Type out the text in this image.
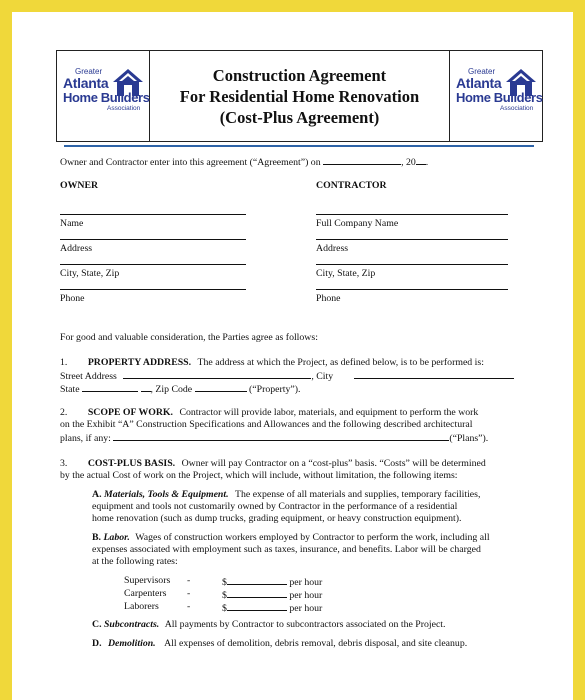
Greater
Atlanta
Home Builders
Association
Construction Agreement
For Residential Home Renovation
(Cost-Plus Agreement)
Greater
Atlanta
Home Builders
Association
Owner and Contractor enter into this agreement (“Agreement”) on	, 20 .
OWNER	CONTRACTOR
Name
Address
City, State, Zip
Phone
Full Company Name
Address
City, State, Zip
Phone
For good and valuable consideration, the Parties agree as follows:
1. PROPERTY ADDRESS. The address at which the Project, as defined below, is to be performed is:
Street Address	, City
State	, Zip Code	(“Property”).
2. SCOPE OF WORK. Contractor will provide labor, materials, and equipment to perform the work
on the Exhibit “A” Construction Specifications and Allowances and the following described architectural
plans, if any:	(“Plans”).
3. COST-PLUS BASIS. Owner will pay Contractor on a “cost-plus” basis. “Costs” will be determined
by the actual Cost of work on the Project, which will include, without limitation, the following items:
A. Materials, Tools & Equipment. The expense of all materials and supplies, temporary facilities,
equipment and tools not customarily owned by Contractor in the performance of a residential
home renovation (such as dump trucks, grading equipment, or heavy construction equipment).
B. Labor. Wages of construction workers employed by Contractor to perform the work, including all
expenses associated with employment such as taxes, insurance, and benefits. Labor will be charged
at the following rates:
Supervisors -	$	per hour
Carpenters -	$	per hour
Laborers	-	$	per hour
C. Subcontracts. All payments by Contractor to subcontractors associated on the Project.
D. Demolition. All expenses of demolition, debris removal, debris disposal, and site cleanup.
